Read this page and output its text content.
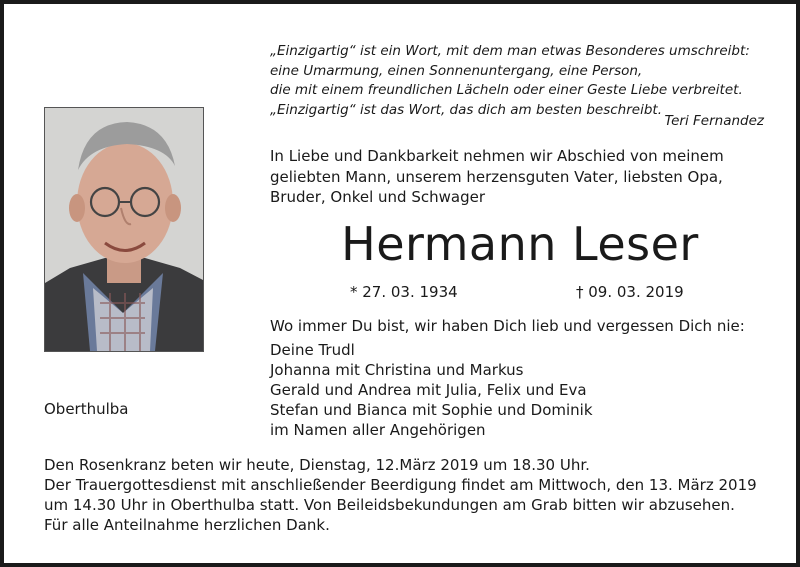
„Einzigartig“ ist ein Wort, mit dem man etwas Besonderes umschreibt:
eine Umarmung, einen Sonnenuntergang, eine Person,
die mit einem freundlichen Lächeln oder einer Geste Liebe verbreitet.
„Einzigartig“ ist das Wort, das dich am besten beschreibt.
Teri Fernandez
In Liebe und Dankbarkeit nehmen wir Abschied von meinem
geliebten Mann, unserem herzensguten Vater, liebsten Opa,
Bruder, Onkel und Schwager
Hermann Leser
* 27. 03. 1934	† 09. 03. 2019
Oberthulba
Wo immer Du bist, wir haben Dich lieb und vergessen Dich nie:
Deine Trudl
Johanna mit Christina und Markus
Gerald und Andrea mit Julia, Felix und Eva
Stefan und Bianca mit Sophie und Dominik
im Namen aller Angehörigen
Den Rosenkranz beten wir heute, Dienstag, 12.März 2019 um 18.30 Uhr.
Der Trauergottesdienst mit anschließender Beerdigung findet am Mittwoch, den 13. März 2019
um 14.30 Uhr in Oberthulba statt. Von Beileidsbekundungen am Grab bitten wir abzusehen.
Für alle Anteilnahme herzlichen Dank.
